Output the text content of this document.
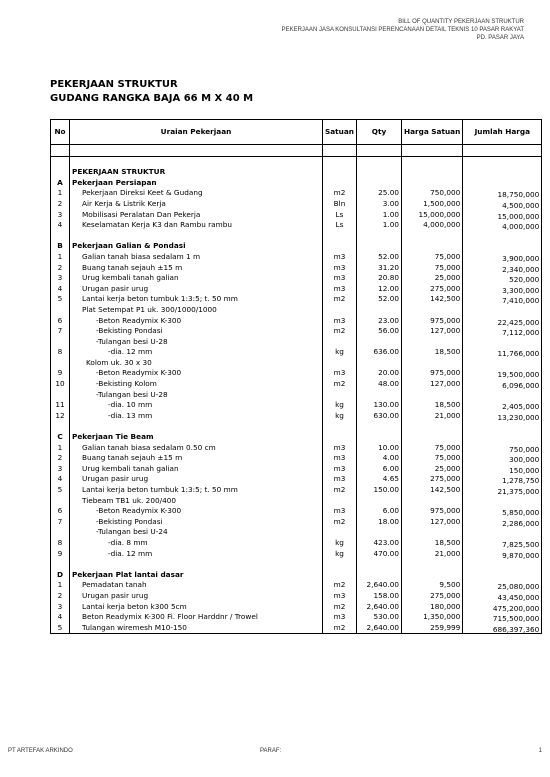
BILL OF QUANTITY PEKERJAAN STRUKTUR
PEKERJAAN JASA KONSULTANSI PERENCANAAN DETAIL TEKNIS 10 PASAR RAKYAT
PD. PASAR JAYA
PEKERJAAN STRUKTUR
GUDANG RANGKA BAJA 66 M X 40 M
No	Uraian Pekerjaan	Satuan	Qty	Harga Satuan	Jumlah Harga

	PEKERJAAN STRUKTUR				
A	Pekerjaan Persiapan				
1	Pekerjaan Direksi Keet & Gudang	m2	25.00	750,000	18,750,000
2	Air Kerja & Listrik Kerja	Bln	3.00	1,500,000	4,500,000
3	Mobilisasi Peralatan Dan Pekerja	Ls	1.00	15,000,000	15,000,000
4	Keselamatan Kerja K3 dan Rambu rambu	Ls	1.00	4,000,000	4,000,000

B	Pekerjaan Galian & Pondasi				
1	Galian tanah biasa sedalam 1 m	m3	52.00	75,000	3,900,000
2	Buang tanah sejauh ±15 m	m3	31.20	75,000	2,340,000
3	Urug kembali tanah galian	m3	20.80	25,000	520,000
4	Urugan pasir urug	m3	12.00	275,000	3,300,000
5	Lantai kerja beton tumbuk 1:3:5; t. 50 mm	m2	52.00	142,500	7,410,000
	Plat Setempat P1 uk. 300/1000/1000				
6	-Beton Readymix K-300	m3	23.00	975,000	22,425,000
7	-Bekisting Pondasi	m2	56.00	127,000	7,112,000
	-Tulangan besi U-28				
8	-dia. 12 mm	kg	636.00	18,500	11,766,000
	Kolom uk. 30 x 30				
9	-Beton Readymix K-300	m3	20.00	975,000	19,500,000
10	-Bekisting Kolom	m2	48.00	127,000	6,096,000
	-Tulangan besi U-28				
11	-dia. 10 mm	kg	130.00	18,500	2,405,000
12	-dia. 13 mm	kg	630.00	21,000	13,230,000

C	Pekerjaan Tie Beam				
1	Galian tanah biasa sedalam 0.50 cm	m3	10.00	75,000	750,000
2	Buang tanah sejauh ±15 m	m3	4.00	75,000	300,000
3	Urug kembali tanah galian	m3	6.00	25,000	150,000
4	Urugan pasir urug	m3	4.65	275,000	1,278,750
5	Lantai kerja beton tumbuk 1:3:5; t. 50 mm	m2	150.00	142,500	21,375,000
	Tiebeam TB1 uk. 200/400				
6	-Beton Readymix K-300	m3	6.00	975,000	5,850,000
7	-Bekisting Pondasi	m2	18.00	127,000	2,286,000
	-Tulangan besi U-24				
8	-dia. 8 mm	kg	423.00	18,500	7,825,500
9	-dia. 12 mm	kg	470.00	21,000	9,870,000

D	Pekerjaan Plat lantai dasar				
1	Pemadatan tanah	m2	2,640.00	9,500	25,080,000
2	Urugan pasir urug	m3	158.00	275,000	43,450,000
3	Lantai kerja beton k300 5cm	m2	2,640.00	180,000	475,200,000
4	Beton Readymix K-300 Fi. Floor Harddnr / Trowel	m3	530.00	1,350,000	715,500,000
5	Tulangan wiremesh M10-150	m2	2,640.00	259,999	686,397,360
PT ARTEFAK ARKINDO	PARAF:	1
